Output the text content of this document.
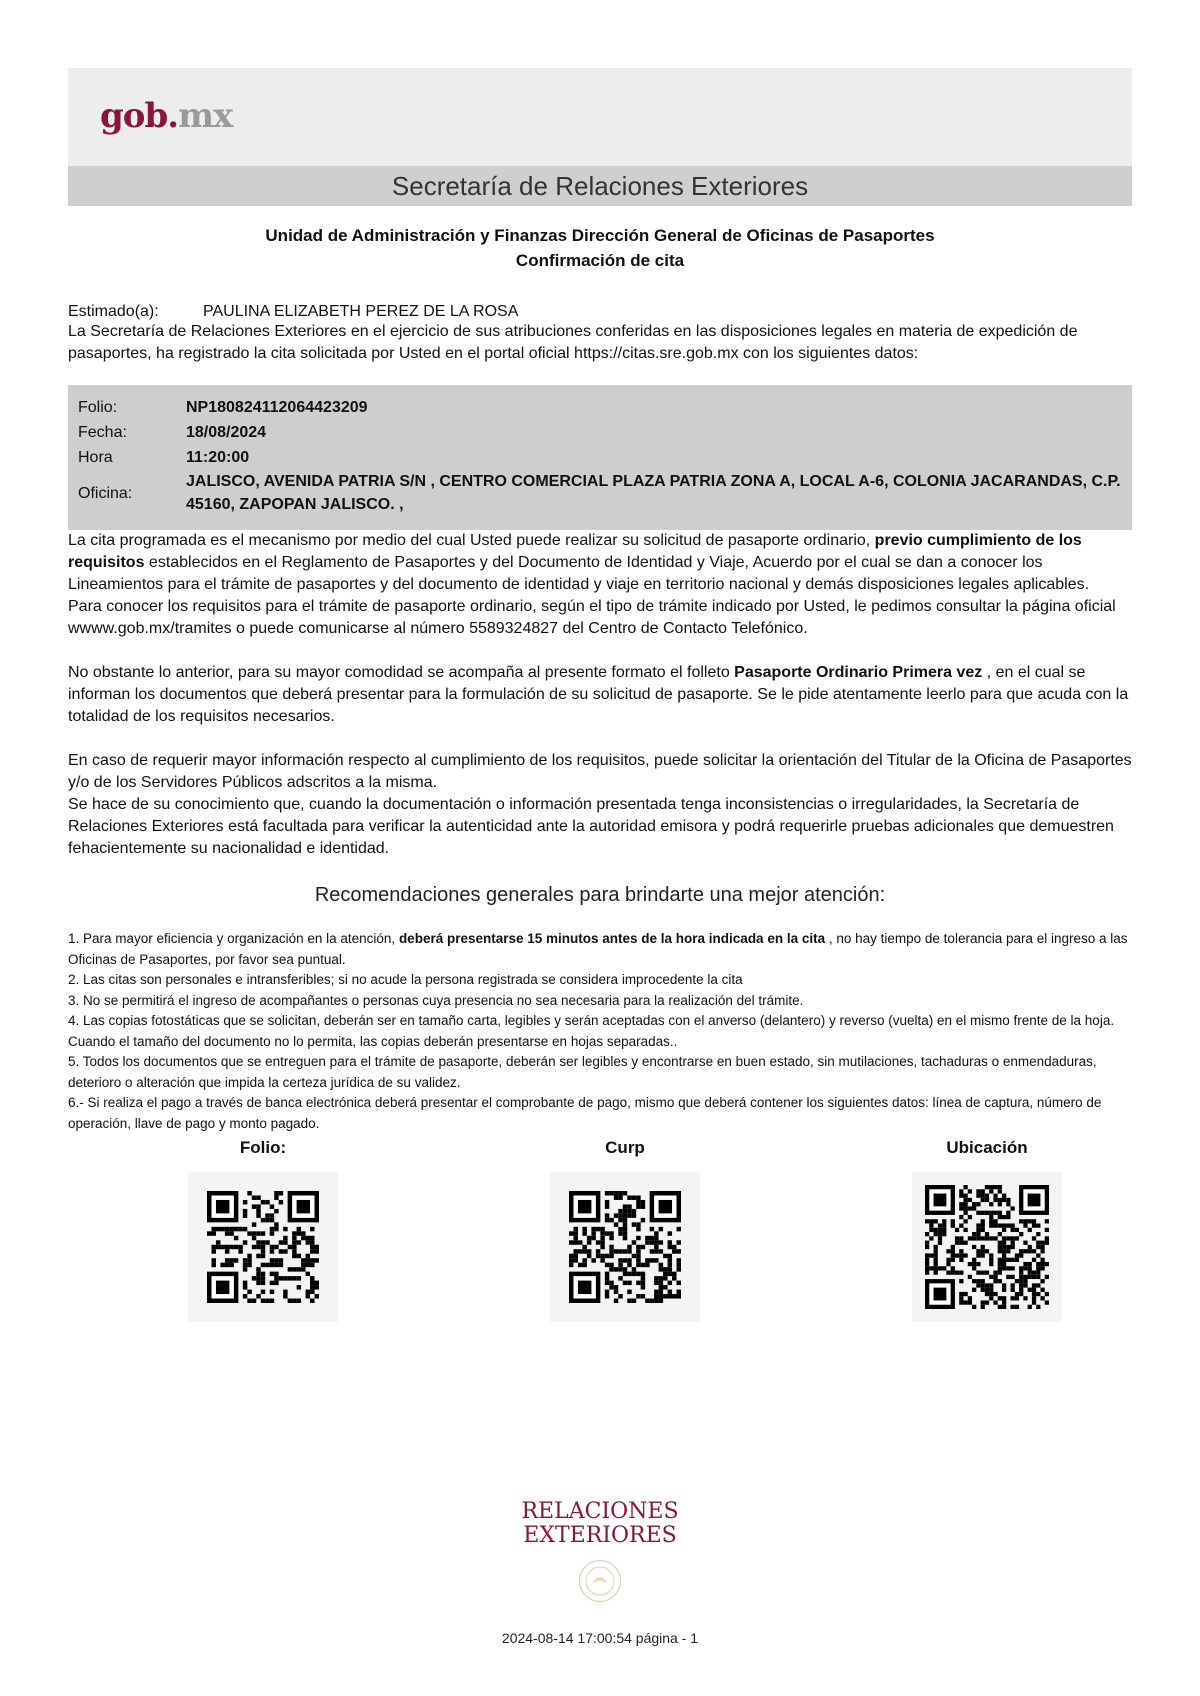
gob.mx
Secretaría de Relaciones Exteriores
Unidad de Administración y Finanzas Dirección General de Oficinas de Pasaportes
Confirmación de cita
Estimado(a):	PAULINA ELIZABETH PEREZ DE LA ROSA

La Secretaría de Relaciones Exteriores en el ejercicio de sus atribuciones conferidas en las disposiciones legales en materia de expedición de pasaportes, ha registrado la cita solicitada por Usted en el portal oficial https://citas.sre.gob.mx con los siguientes datos:

Folio:	NP180824112064423209
Fecha:	18/08/2024
Hora	11:20:00
Oficina:
JALISCO, AVENIDA PATRIA S/N , CENTRO COMERCIAL PLAZA PATRIA ZONA A, LOCAL A-6, COLONIA JACARANDAS, C.P. 45160, ZAPOPAN JALISCO. ,

La cita programada es el mecanismo por medio del cual Usted puede realizar su solicitud de pasaporte ordinario, previo cumplimiento de los requisitos establecidos en el Reglamento de Pasaportes y del Documento de Identidad y Viaje, Acuerdo por el cual se dan a conocer los Lineamientos para el trámite de pasaportes y del documento de identidad y viaje en territorio nacional y demás disposiciones legales aplicables.

Para conocer los requisitos para el trámite de pasaporte ordinario, según el tipo de trámite indicado por Usted, le pedimos consultar la página oficial wwww.gob.mx/tramites o puede comunicarse al número 5589324827 del Centro de Contacto Telefónico.

No obstante lo anterior, para su mayor comodidad se acompaña al presente formato el folleto Pasaporte Ordinario Primera vez , en el cual se informan los documentos que deberá presentar para la formulación de su solicitud de pasaporte. Se le pide atentamente leerlo para que acuda con la totalidad de los requisitos necesarios.

En caso de requerir mayor información respecto al cumplimiento de los requisitos, puede solicitar la orientación del Titular de la Oficina de Pasaportes y/o de los Servidores Públicos adscritos a la misma.

Se hace de su conocimiento que, cuando la documentación o información presentada tenga inconsistencias o irregularidades, la Secretaría de Relaciones Exteriores está facultada para verificar la autenticidad ante la autoridad emisora y podrá requerirle pruebas adicionales que demuestren fehacientemente su nacionalidad e identidad.

Recomendaciones generales para brindarte una mejor atención:
1. Para mayor eficiencia y organización en la atención, deberá presentarse 15 minutos antes de la hora indicada en la cita , no hay tiempo de tolerancia para el ingreso a las Oficinas de Pasaportes, por favor sea puntual.
2. Las citas son personales e intransferibles; si no acude la persona registrada se considera improcedente la cita
3. No se permitirá el ingreso de acompañantes o personas cuya presencia no sea necesaria para la realización del trámite.
4. Las copias fotostáticas que se solicitan, deberán ser en tamaño carta, legibles y serán aceptadas con el anverso (delantero) y reverso (vuelta) en el mismo frente de la hoja. Cuando el tamaño del documento no lo permita, las copias deberán presentarse en hojas separadas..
5. Todos los documentos que se entreguen para el trámite de pasaporte, deberán ser legibles y encontrarse en buen estado, sin mutilaciones, tachaduras o enmendaduras, deterioro o alteración que impida la certeza jurídica de su validez.
6.- Si realiza el pago a través de banca electrónica deberá presentar el comprobante de pago, mismo que deberá contener los siguientes datos: línea de captura, número de operación, llave de pago y monto pagado.
Folio:	Curp	Ubicación
RELACIONES
EXTERIORES
2024-08-14 17:00:54 página - 1
